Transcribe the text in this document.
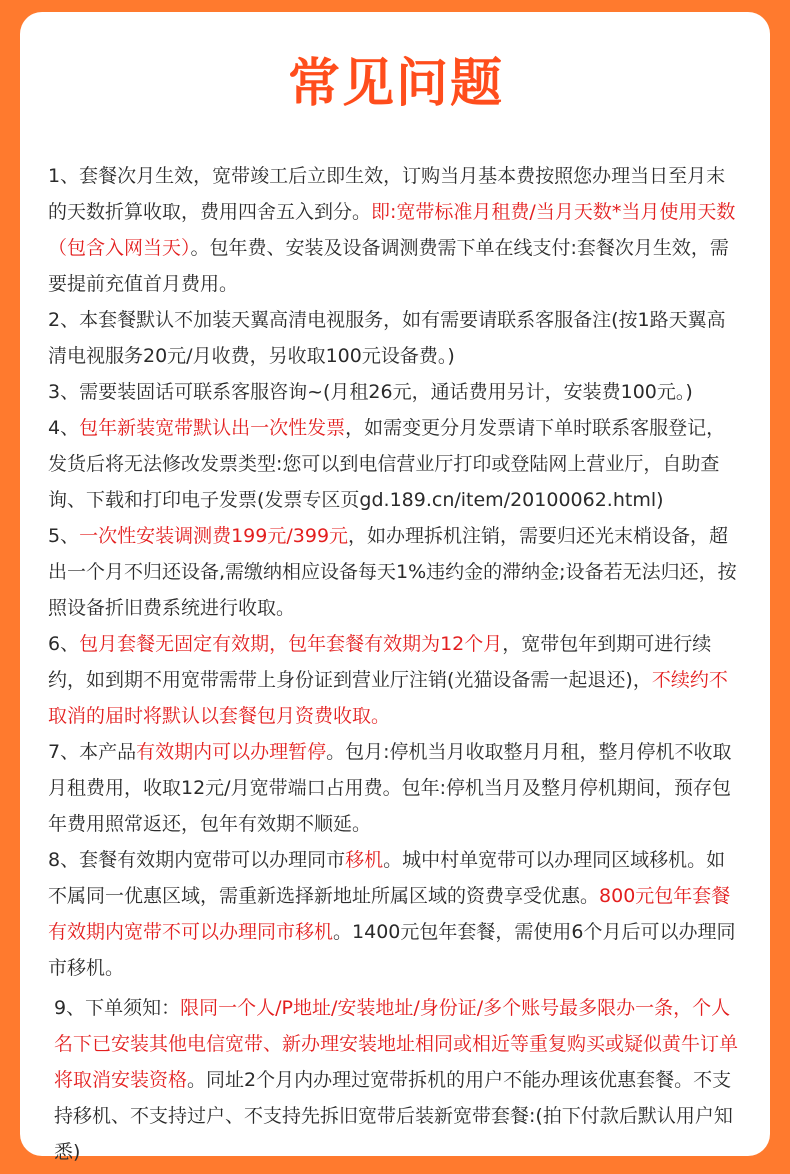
常见问题

1、套餐次月生效，宽带竣工后立即生效，订购当月基本费按照您办理当日至月末的天数折算收取，费用四舍五入到分。即:宽带标准月租费/当月天数*当月使用天数（包含入网当天）。包年费、安装及设备调测费需下单在线支付:套餐次月生效，需要提前充值首月费用。

2、本套餐默认不加装天翼高清电视服务，如有需要请联系客服备注(按1路天翼高清电视服务20元/月收费，另收取100元设备费。)

3、需要装固话可联系客服咨询~(月租26元，通话费用另计，安装费100元。)

4、包年新装宽带默认出一次性发票，如需变更分月发票请下单时联系客服登记，发货后将无法修改发票类型:您可以到电信营业厅打印或登陆网上营业厅，自助查询、下载和打印电子发票(发票专区页gd.189.cn/item/20100062.html)

5、一次性安装调测费199元/399元，如办理拆机注销，需要归还光末梢设备，超出一个月不归还设备,需缴纳相应设备每天1%违约金的滞纳金;设备若无法归还，按照设备折旧费系统进行收取。

6、包月套餐无固定有效期，包年套餐有效期为12个月，宽带包年到期可进行续约，如到期不用宽带需带上身份证到营业厅注销(光猫设备需一起退还)，不续约不取消的届时将默认以套餐包月资费收取。

7、本产品有效期内可以办理暂停。包月:停机当月收取整月月租，整月停机不收取月租费用，收取12元/月宽带端口占用费。包年:停机当月及整月停机期间，预存包年费用照常返还，包年有效期不顺延。

8、套餐有效期内宽带可以办理同市移机。城中村单宽带可以办理同区域移机。如不属同一优惠区域，需重新选择新地址所属区域的资费享受优惠。800元包年套餐有效期内宽带不可以办理同市移机。1400元包年套餐，需使用6个月后可以办理同市移机。

9、下单须知：限同一个人/P地址/安装地址/身份证/多个账号最多限办一条，个人名下已安装其他电信宽带、新办理安装地址相同或相近等重复购买或疑似黄牛订单将取消安装资格。同址2个月内办理过宽带拆机的用户不能办理该优惠套餐。不支持移机、不支持过户、不支持先拆旧宽带后装新宽带套餐:(拍下付款后默认用户知悉)
